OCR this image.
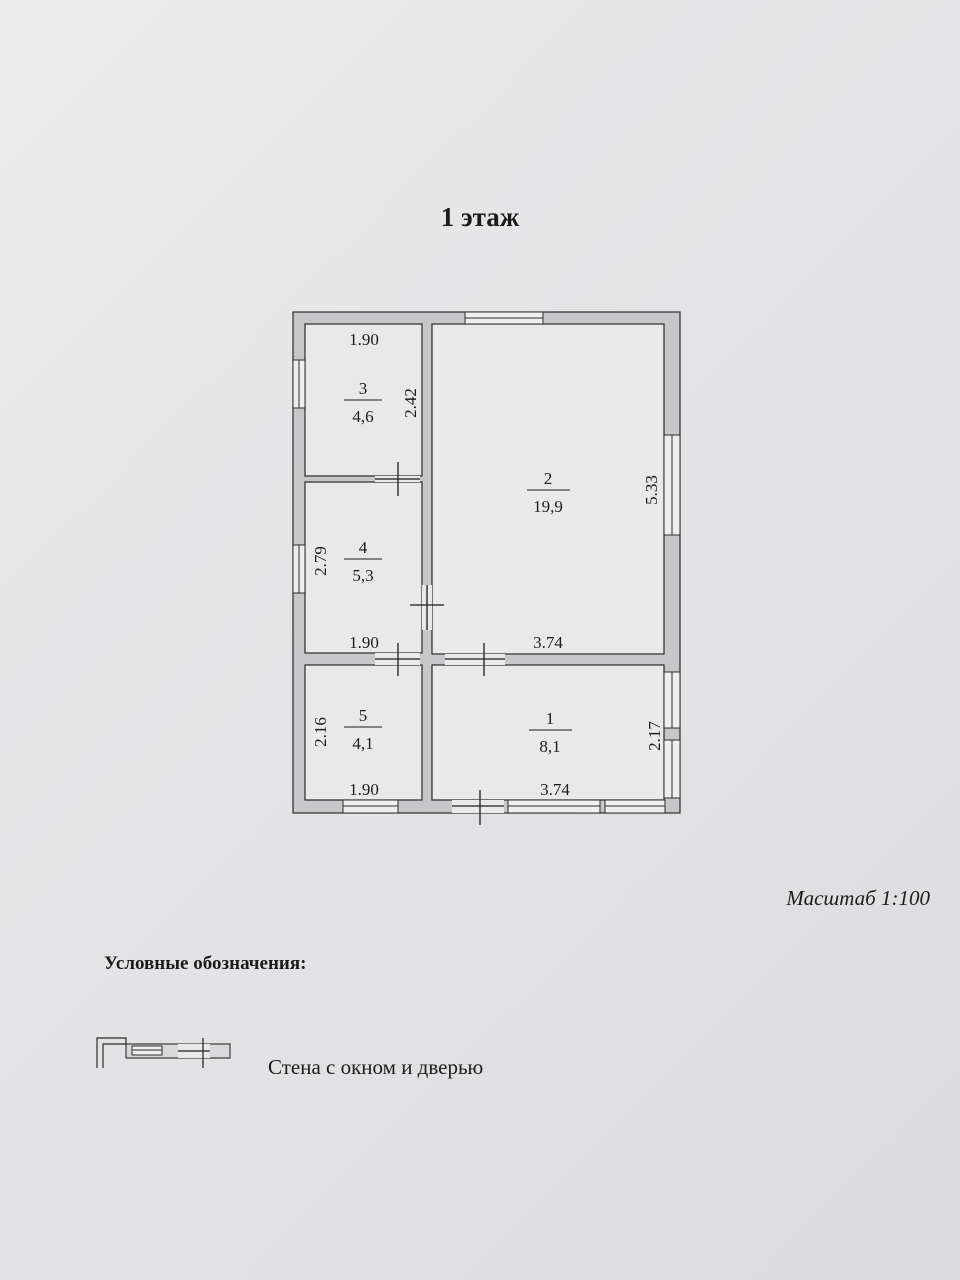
1 этаж
3
4,6
2
19,9
4
5,3
5
4,1
1
8,1
1.90
2.42
5.33
2.79
1.90	3.74
2.16
1.90	3.74
2.17
Масштаб 1:100
Условные обозначения:
Стена с окном и дверью
